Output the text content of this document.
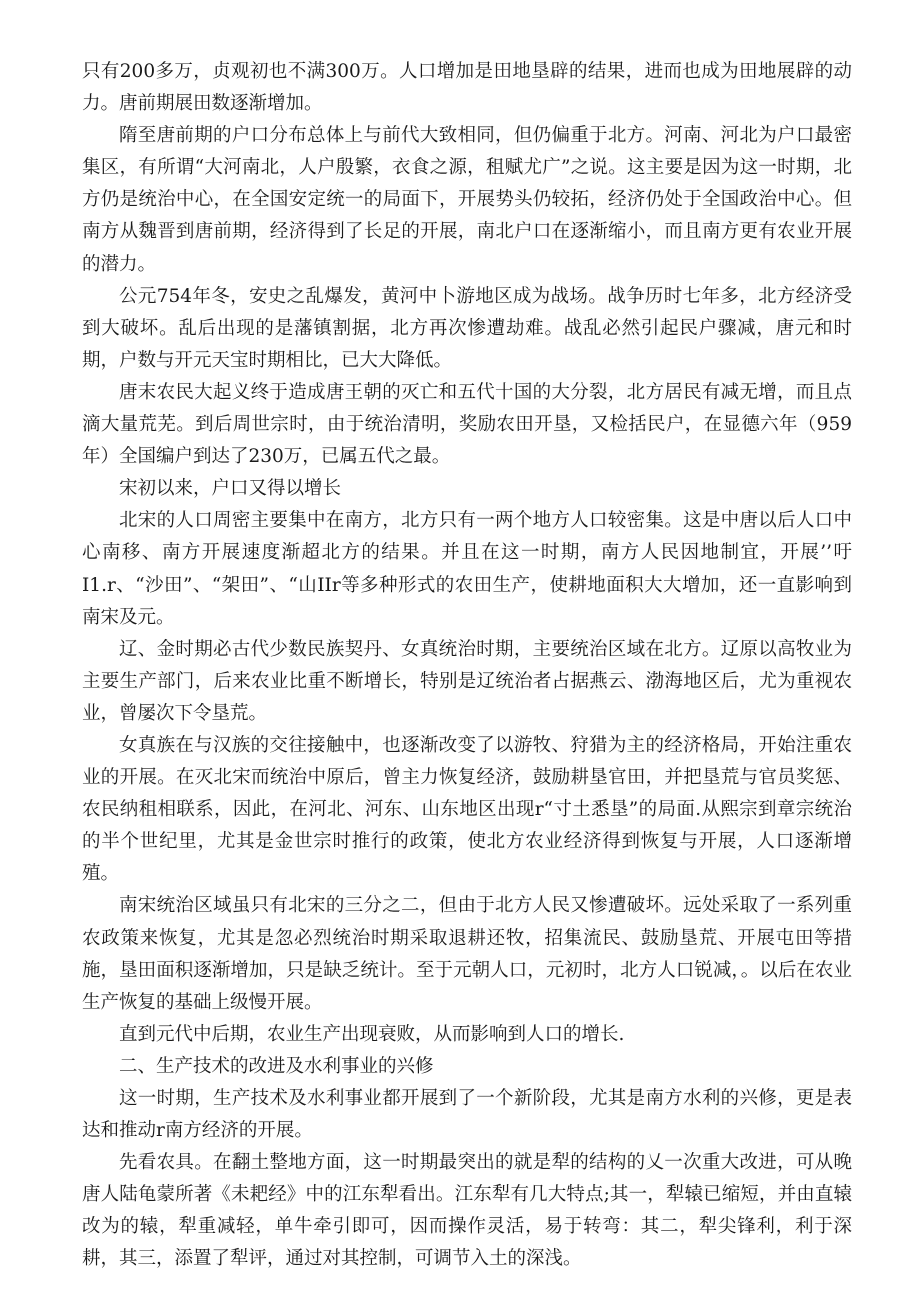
只有200多万，贞观初也不满300万。人口增加是田地垦辟的结果，进而也成为田地展辟的动力。唐前期展田数逐渐增加。

隋至唐前期的户口分布总体上与前代大致相同，但仍偏重于北方。河南、河北为户口最密集区，有所谓“大河南北，人户殷繁，衣食之源，租赋尤广”之说。这主要是因为这一时期，北方仍是统治中心，在全国安定统一的局面下，开展势头仍较拓，经济仍处于全国政治中心。但南方从魏晋到唐前期，经济得到了长足的开展，南北户口在逐渐缩小，而且南方更有农业开展的潜力。

公元754年冬，安史之乱爆发，黄河中卜游地区成为战场。战争历时七年多，北方经济受到大破坏。乱后出现的是藩镇割据，北方再次惨遭劫难。战乱必然引起民户骤减，唐元和时期，户数与开元天宝时期相比，已大大降低。

唐末农民大起义终于造成唐王朝的灭亡和五代十国的大分裂，北方居民有减无增，而且点滴大量荒芜。到后周世宗时，由于统治清明，奖励农田开垦，又检括民户，在显德六年（959年）全国编户到达了230万，已属五代之最。

宋初以来，户口又得以增长

北宋的人口周密主要集中在南方，北方只有一两个地方人口较密集。这是中唐以后人口中心南移、南方开展速度渐超北方的结果。并且在这一时期，南方人民因地制宜，开展’’吁I1.r、“沙田”、“架田”、“山IIr等多种形式的农田生产，使耕地面积大大增加，还一直影响到南宋及元。

辽、金时期必古代少数民族契丹、女真统治时期，主要统治区域在北方。辽原以高牧业为主要生产部门，后来农业比重不断增长，特别是辽统治者占据燕云、渤海地区后，尤为重视农业，曾屡次下令垦荒。

女真族在与汉族的交往接触中，也逐渐改变了以游牧、狩猎为主的经济格局，开始注重农业的开展。在灭北宋而统治中原后，曾主力恢复经济，鼓励耕垦官田，并把垦荒与官员奖惩、农民纳租相联系，因此，在河北、河东、山东地区出现r“寸土悉垦”的局面.从熙宗到章宗统治的半个世纪里，尤其是金世宗时推行的政策，使北方农业经济得到恢复与开展，人口逐渐增殖。

南宋统治区域虽只有北宋的三分之二，但由于北方人民又惨遭破坏。远处采取了一系列重农政策来恢复，尤其是忽必烈统治时期采取退耕还牧，招集流民、鼓励垦荒、开展屯田等措施，垦田面积逐渐增加，只是缺乏统计。至于元朝人口，元初时，北方人口锐减，。以后在农业生产恢复的基础上级慢开展。

直到元代中后期，农业生产出现衰败，从而影响到人口的增长.

二、生产技术的改进及水利事业的兴修

这一时期，生产技术及水利事业都开展到了一个新阶段，尤其是南方水利的兴修，更是表达和推动r南方经济的开展。

先看农具。在翻土整地方面，这一时期最突出的就是犁的结构的乂一次重大改进，可从晚唐人陆龟蒙所著《未耙经》中的江东犁看出。江东犁有几大特点;其一，犁辕已缩短，并由直辕改为的辕，犁重减轻，单牛牵引即可，因而操作灵活，易于转弯：其二，犁尖锋利，利于深耕，其三，添置了犁评，通过对其控制，可调节入土的深浅。
